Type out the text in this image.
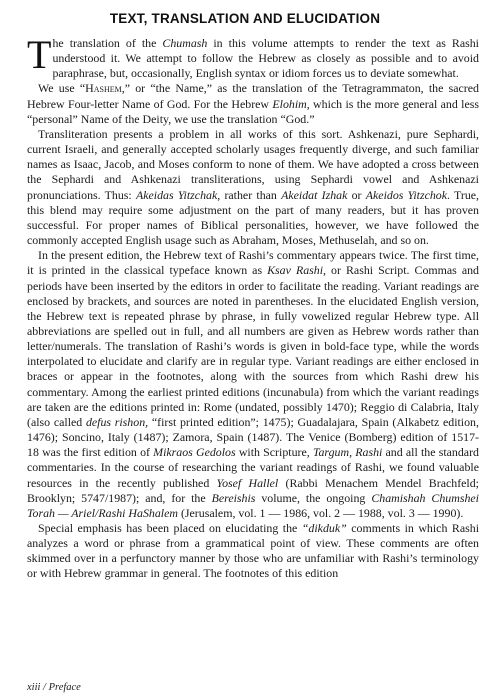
TEXT, TRANSLATION AND ELUCIDATION

The translation of the Chumash in this volume attempts to render the text as Rashi understood it. We attempt to follow the Hebrew as closely as possible and to avoid paraphrase, but, occasionally, English syntax or idiom forces us to deviate somewhat.

We use “Hashem,” or “the Name,” as the translation of the Tetragrammaton, the sacred Hebrew Four-letter Name of God. For the Hebrew Elohim, which is the more general and less “personal” Name of the Deity, we use the translation “God.”

Transliteration presents a problem in all works of this sort. Ashkenazi, pure Sephardi, current Israeli, and generally accepted scholarly usages frequently diverge, and such familiar names as Isaac, Jacob, and Moses conform to none of them. We have adopted a cross between the Sephardi and Ashkenazi transliterations, using Sephardi vowel and Ashkenazi pronunciations. Thus: Akeidas Yitzchak, rather than Akeidat Izhak or Akeidos Yitzchok. True, this blend may require some adjustment on the part of many readers, but it has proven successful. For proper names of Biblical personalities, however, we have followed the commonly accepted English usage such as Abraham, Moses, Methuselah, and so on.

In the present edition, the Hebrew text of Rashi’s commentary appears twice. The first time, it is printed in the classical typeface known as Ksav Rashi, or Rashi Script. Commas and periods have been inserted by the editors in order to facilitate the reading. Variant readings are enclosed by brackets, and sources are noted in parentheses. In the elucidated English version, the Hebrew text is repeated phrase by phrase, in fully vowelized regular Hebrew type. All abbreviations are spelled out in full, and all numbers are given as Hebrew words rather than letter/numerals. The translation of Rashi’s words is given in bold-face type, while the words interpolated to elucidate and clarify are in regular type. Variant readings are either enclosed in braces or appear in the footnotes, along with the sources from which Rashi drew his commentary. Among the earliest printed editions (incunabula) from which the variant readings are taken are the editions printed in: Rome (undated, possibly 1470); Reggio di Calabria, Italy (also called defus rishon, “first printed edition”; 1475); Guadalajara, Spain (Alkabetz edition, 1476); Soncino, Italy (1487); Zamora, Spain (1487). The Venice (Bomberg) edition of 1517-18 was the first edition of Mikraos Gedolos with Scripture, Targum, Rashi and all the standard commentaries. In the course of researching the variant readings of Rashi, we found valuable resources in the recently published Yosef Hallel (Rabbi Menachem Mendel Brachfeld; Brooklyn; 5747/1987); and, for the Bereishis volume, the ongoing Chamishah Chumshei Torah — Ariel/Rashi HaShalem (Jerusalem, vol. 1 — 1986, vol. 2 — 1988, vol. 3 — 1990).

Special emphasis has been placed on elucidating the “dikduk” comments in which Rashi analyzes a word or phrase from a grammatical point of view. These comments are often skimmed over in a perfunctory manner by those who are unfamiliar with Rashi’s terminology or with Hebrew grammar in general. The footnotes of this edition

xiii / Preface
